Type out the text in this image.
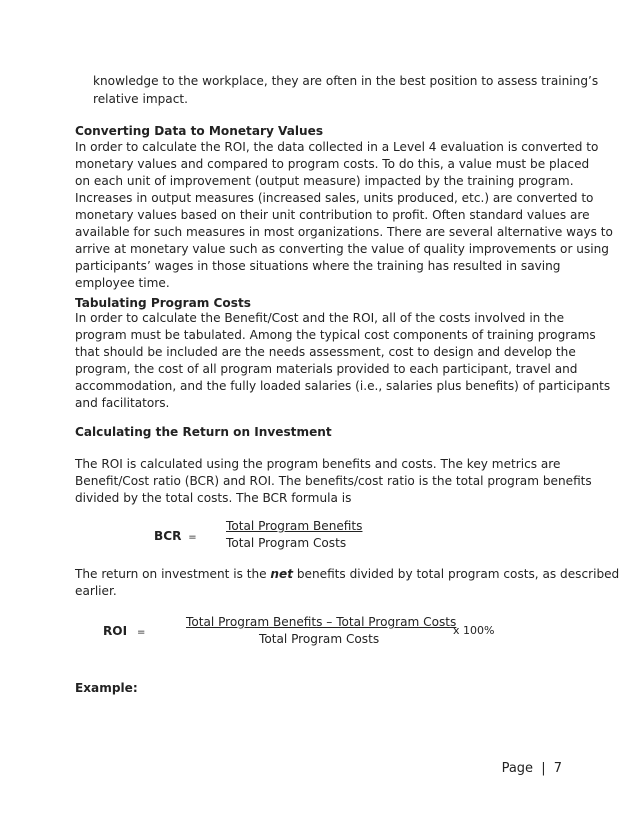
knowledge to the workplace, they are often in the best position to assess training’s

relative impact.

Converting Data to Monetary Values

In order to calculate the ROI, the data collected in a Level 4 evaluation is converted to

monetary values and compared to program costs. To do this, a value must be placed

on each unit of improvement (output measure) impacted by the training program.

Increases in output measures (increased sales, units produced, etc.) are converted to

monetary values based on their unit contribution to profit. Often standard values are

available for such measures in most organizations. There are several alternative ways to

arrive at monetary value such as converting the value of quality improvements or using

participants’ wages in those situations where the training has resulted in saving

employee time.

Tabulating Program Costs

In order to calculate the Benefit/Cost and the ROI, all of the costs involved in the

program must be tabulated. Among the typical cost components of training programs

that should be included are the needs assessment, cost to design and develop the

program, the cost of all program materials provided to each participant, travel and

accommodation, and the fully loaded salaries (i.e., salaries plus benefits) of participants

and facilitators.

Calculating the Return on Investment

The ROI is calculated using the program benefits and costs. The key metrics are

Benefit/Cost ratio (BCR) and ROI. The benefits/cost ratio is the total program benefits

divided by the total costs. The BCR formula is

BCR =
Total Program Benefits
Total Program Costs

The return on investment is the net benefits divided by total program costs, as described

earlier.

ROI =
Total Program Benefits – Total Program Costs
Total Program Costs
x 100%

Example:

Page | 7
